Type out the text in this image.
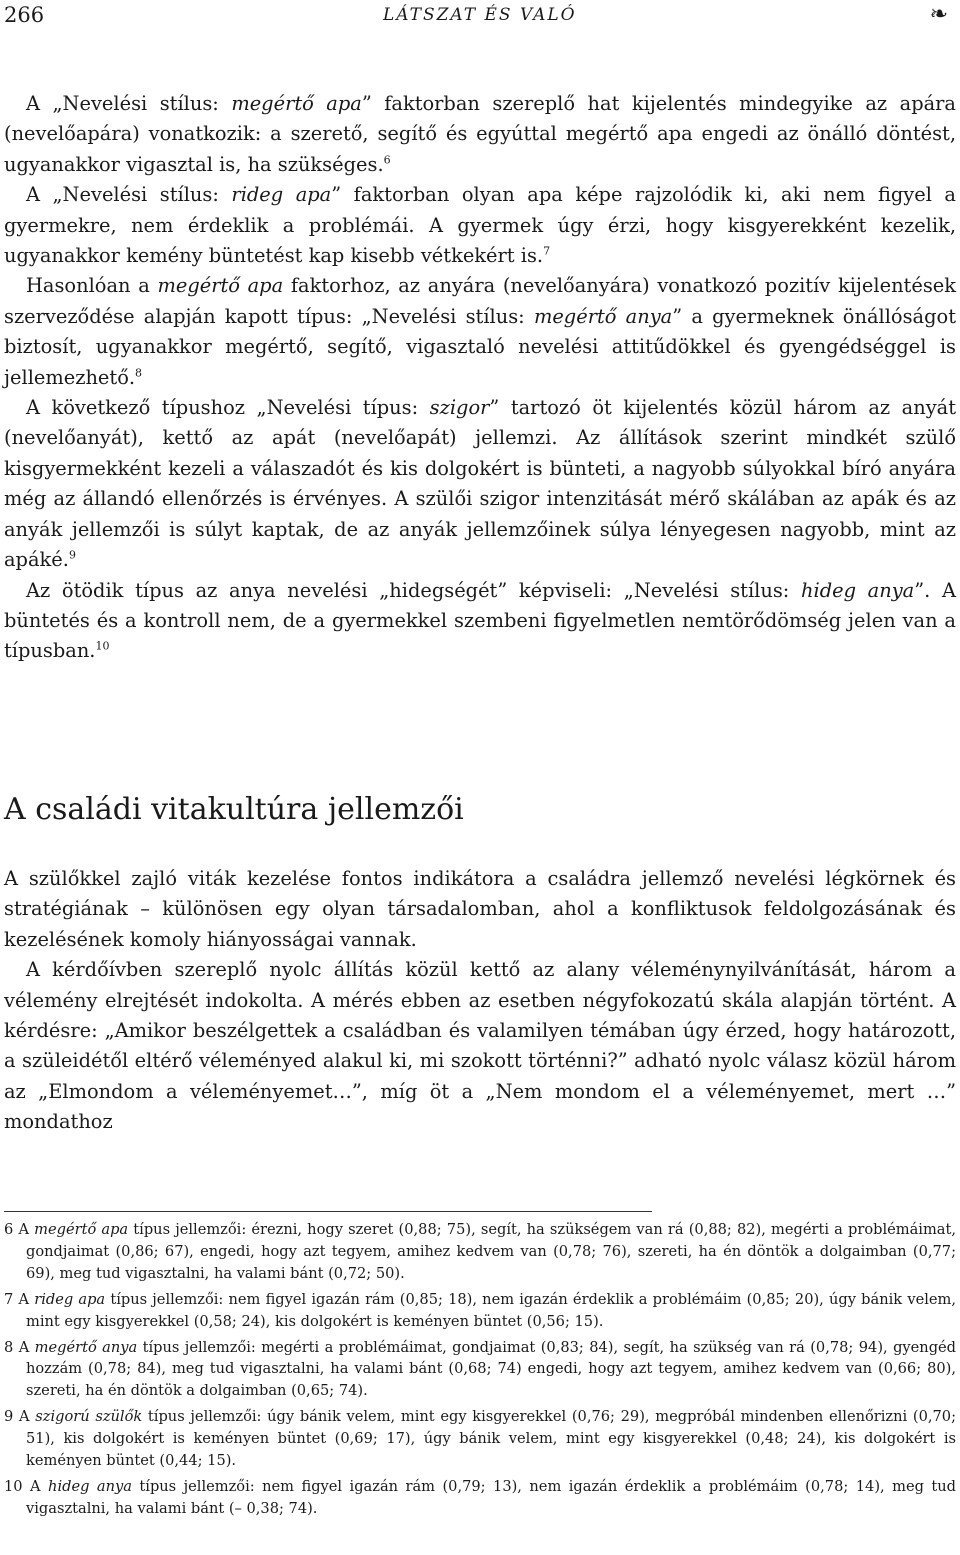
266	LÁTSZAT ÉS VALÓ	❧

A „Nevelési stílus: megértő apa” faktorban szereplő hat kijelentés mindegyike az apára (nevelőapára) vonatkozik: a szerető, segítő és egyúttal megértő apa engedi az önálló döntést, ugyanakkor vigasztal is, ha szükséges.$^6$

A „Nevelési stílus: rideg apa” faktorban olyan apa képe rajzolódik ki, aki nem figyel a gyermekre, nem érdeklik a problémái. A gyermek úgy érzi, hogy kisgyerekként kezelik, ugyanakkor kemény büntetést kap kisebb vétkekért is.$^7$

Hasonlóan a megértő apa faktorhoz, az anyára (nevelőanyára) vonatkozó pozitív kijelentések szerveződése alapján kapott típus: „Nevelési stílus: megértő anya” a gyermeknek önállóságot biztosít, ugyanakkor megértő, segítő, vigasztaló nevelési attitűdökkel és gyengédséggel is jellemezhető.$^8$

A következő típushoz „Nevelési típus: szigor” tartozó öt kijelentés közül három az anyát (nevelőanyát), kettő az apát (nevelőapát) jellemzi. Az állítások szerint mindkét szülő kisgyermekként kezeli a válaszadót és kis dolgokért is bünteti, a nagyobb súlyokkal bíró anyára még az állandó ellenőrzés is érvényes. A szülői szigor intenzitását mérő skálában az apák és az anyák jellemzői is súlyt kaptak, de az anyák jellemzőinek súlya lényegesen nagyobb, mint az apáké.$^9$

Az ötödik típus az anya nevelési „hidegségét” képviseli: „Nevelési stílus: hideg anya”. A büntetés és a kontroll nem, de a gyermekkel szembeni figyelmetlen nemtörődömség jelen van a típusban.$^{10}$

A családi vitakultúra jellemzői

A szülőkkel zajló viták kezelése fontos indikátora a családra jellemző nevelési légkörnek és stratégiának – különösen egy olyan társadalomban, ahol a konfliktusok feldolgozásának és kezelésének komoly hiányosságai vannak.

A kérdőívben szereplő nyolc állítás közül kettő az alany véleménynyilvánítását, három a vélemény elrejtését indokolta. A mérés ebben az esetben négyfokozatú skála alapján történt. A kérdésre: „Amikor beszélgettek a családban és valamilyen témában úgy érzed, hogy határozott, a szüleidétől eltérő véleményed alakul ki, mi szokott történni?” adható nyolc válasz közül három az „Elmondom a véleményemet…”, míg öt a „Nem mondom el a véleményemet, mert …” mondathoz

6 A megértő apa típus jellemzői: érezni, hogy szeret (0,88; 75), segít, ha szükségem van rá (0,88; 82), megérti a problémáimat, gondjaimat (0,86; 67), engedi, hogy azt tegyem, amihez kedvem van (0,78; 76), szereti, ha én döntök a dolgaimban (0,77; 69), meg tud vigasztalni, ha valami bánt (0,72; 50).
7 A rideg apa típus jellemzői: nem figyel igazán rám (0,85; 18), nem igazán érdeklik a problémáim (0,85; 20), úgy bánik velem, mint egy kisgyerekkel (0,58; 24), kis dolgokért is keményen büntet (0,56; 15).
8 A megértő anya típus jellemzői: megérti a problémáimat, gondjaimat (0,83; 84), segít, ha szükség van rá (0,78; 94), gyengéd hozzám (0,78; 84), meg tud vigasztalni, ha valami bánt (0,68; 74) engedi, hogy azt tegyem, amihez kedvem van (0,66; 80), szereti, ha én döntök a dolgaimban (0,65; 74).
9 A szigorú szülők típus jellemzői: úgy bánik velem, mint egy kisgyerekkel (0,76; 29), megpróbál mindenben ellenőrizni (0,70; 51), kis dolgokért is keményen büntet (0,69; 17), úgy bánik velem, mint egy kisgyerekkel (0,48; 24), kis dolgokért is keményen büntet (0,44; 15).
10 A hideg anya típus jellemzői: nem figyel igazán rám (0,79; 13), nem igazán érdeklik a problémáim (0,78; 14), meg tud vigasztalni, ha valami bánt (– 0,38; 74).
